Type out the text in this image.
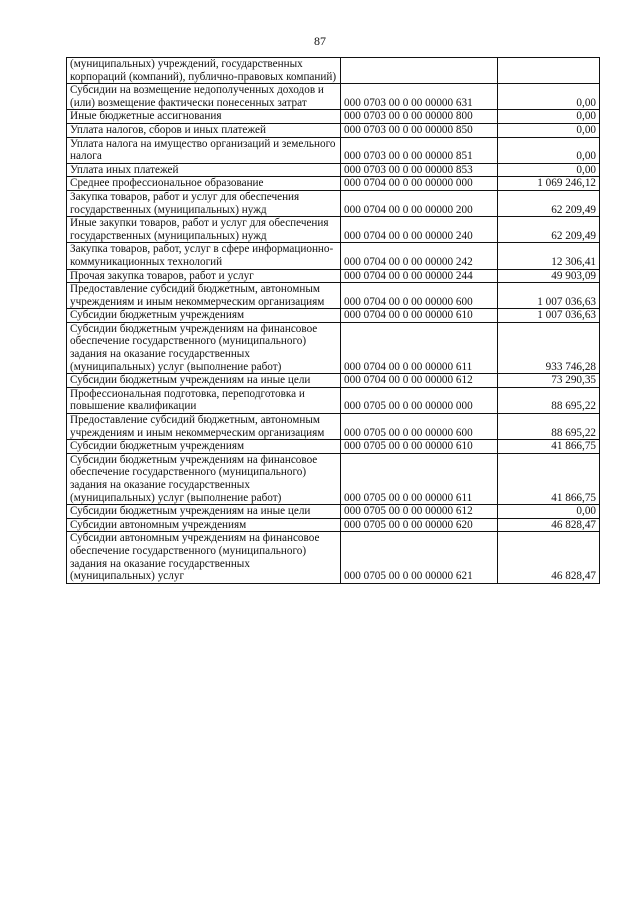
87
(муниципальных) учреждений, государственных корпораций (компаний), публично-правовых компаний)		
Субсидии на возмещение недополученных доходов и (или) возмещение фактически понесенных затрат	000 0703 00 0 00 00000 631	0,00
Иные бюджетные ассигнования	000 0703 00 0 00 00000 800	0,00
Уплата налогов, сборов и иных платежей	000 0703 00 0 00 00000 850	0,00
Уплата налога на имущество организаций и земельного налога	000 0703 00 0 00 00000 851	0,00
Уплата иных платежей	000 0703 00 0 00 00000 853	0,00
Среднее профессиональное образование	000 0704 00 0 00 00000 000	1 069 246,12
Закупка товаров, работ и услуг для обеспечения государственных (муниципальных) нужд	000 0704 00 0 00 00000 200	62 209,49
Иные закупки товаров, работ и услуг для обеспечения государственных (муниципальных) нужд	000 0704 00 0 00 00000 240	62 209,49
Закупка товаров, работ, услуг в сфере информационно-коммуникационных технологий	000 0704 00 0 00 00000 242	12 306,41
Прочая закупка товаров, работ и услуг	000 0704 00 0 00 00000 244	49 903,09
Предоставление субсидий бюджетным, автономным учреждениям и иным некоммерческим организациям	000 0704 00 0 00 00000 600	1 007 036,63
Субсидии бюджетным учреждениям	000 0704 00 0 00 00000 610	1 007 036,63
Субсидии бюджетным учреждениям на финансовое обеспечение государственного (муниципального) задания на оказание государственных (муниципальных) услуг (выполнение работ)	000 0704 00 0 00 00000 611	933 746,28
Субсидии бюджетным учреждениям на иные цели	000 0704 00 0 00 00000 612	73 290,35
Профессиональная подготовка, переподготовка и повышение квалификации	000 0705 00 0 00 00000 000	88 695,22
Предоставление субсидий бюджетным, автономным учреждениям и иным некоммерческим организациям	000 0705 00 0 00 00000 600	88 695,22
Субсидии бюджетным учреждениям	000 0705 00 0 00 00000 610	41 866,75
Субсидии бюджетным учреждениям на финансовое обеспечение государственного (муниципального) задания на оказание государственных (муниципальных) услуг (выполнение работ)	000 0705 00 0 00 00000 611	41 866,75
Субсидии бюджетным учреждениям на иные цели	000 0705 00 0 00 00000 612	0,00
Субсидии автономным учреждениям	000 0705 00 0 00 00000 620	46 828,47
Субсидии автономным учреждениям на финансовое обеспечение государственного (муниципального) задания на оказание государственных (муниципальных) услуг	000 0705 00 0 00 00000 621	46 828,47
